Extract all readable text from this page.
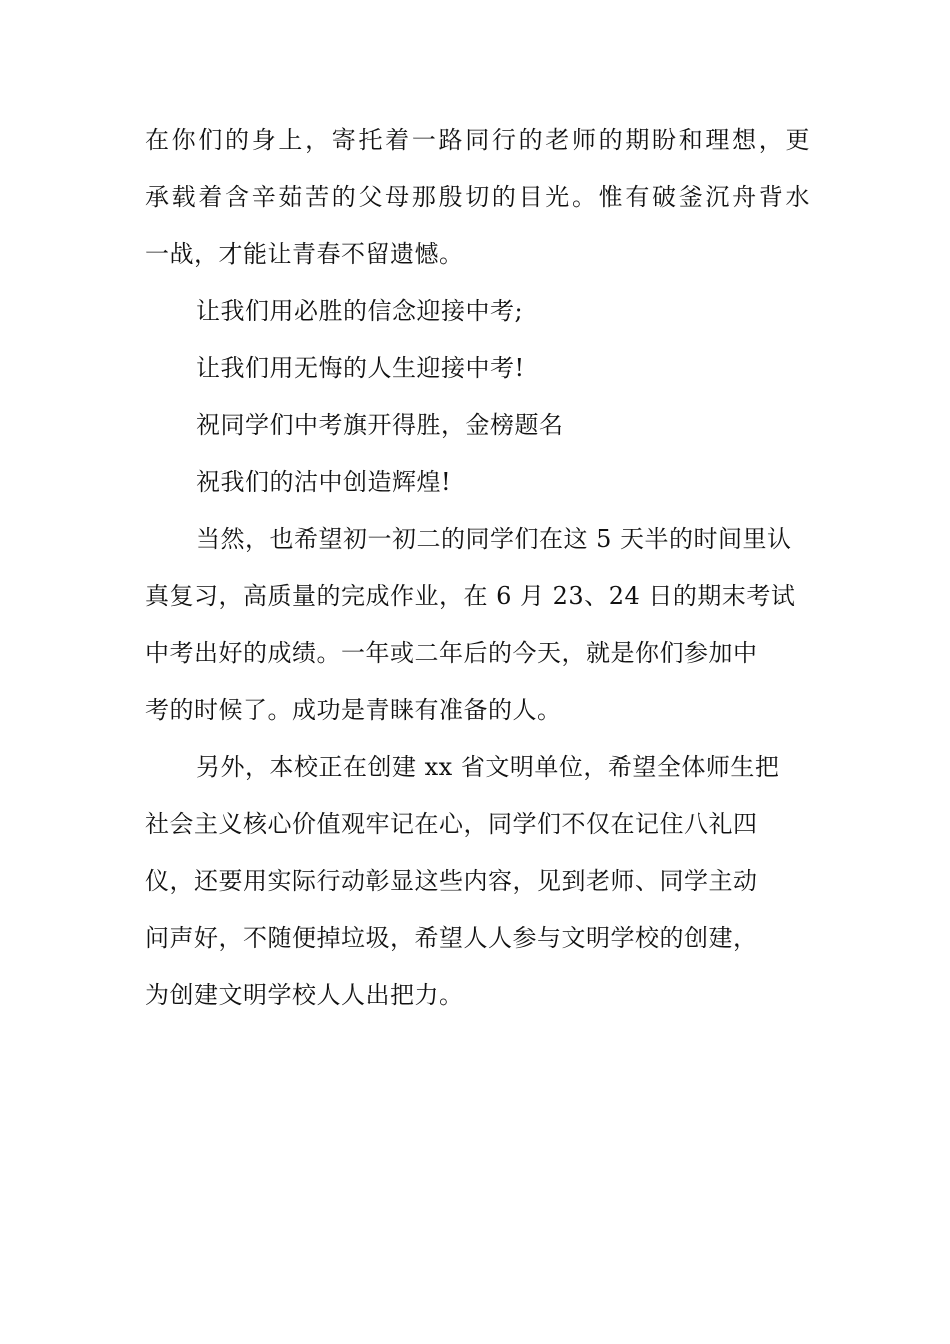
在你们的身上，寄托着一路同行的老师的期盼和理想，更
承载着含辛茹苦的父母那殷切的目光。惟有破釜沉舟背水
一战，才能让青春不留遗憾。
让我们用必胜的信念迎接中考;
让我们用无悔的人生迎接中考!
祝同学们中考旗开得胜，金榜题名
祝我们的沽中创造辉煌!
当然，也希望初一初二的同学们在这 5 天半的时间里认
真复习，高质量的完成作业，在 6 月 23、24 日的期末考试
中考出好的成绩。一年或二年后的今天，就是你们参加中
考的时候了。成功是青睐有准备的人。
另外，本校正在创建 xx 省文明单位，希望全体师生把
社会主义核心价值观牢记在心，同学们不仅在记住八礼四
仪，还要用实际行动彰显这些内容，见到老师、同学主动
问声好，不随便掉垃圾，希望人人参与文明学校的创建，
为创建文明学校人人出把力。
